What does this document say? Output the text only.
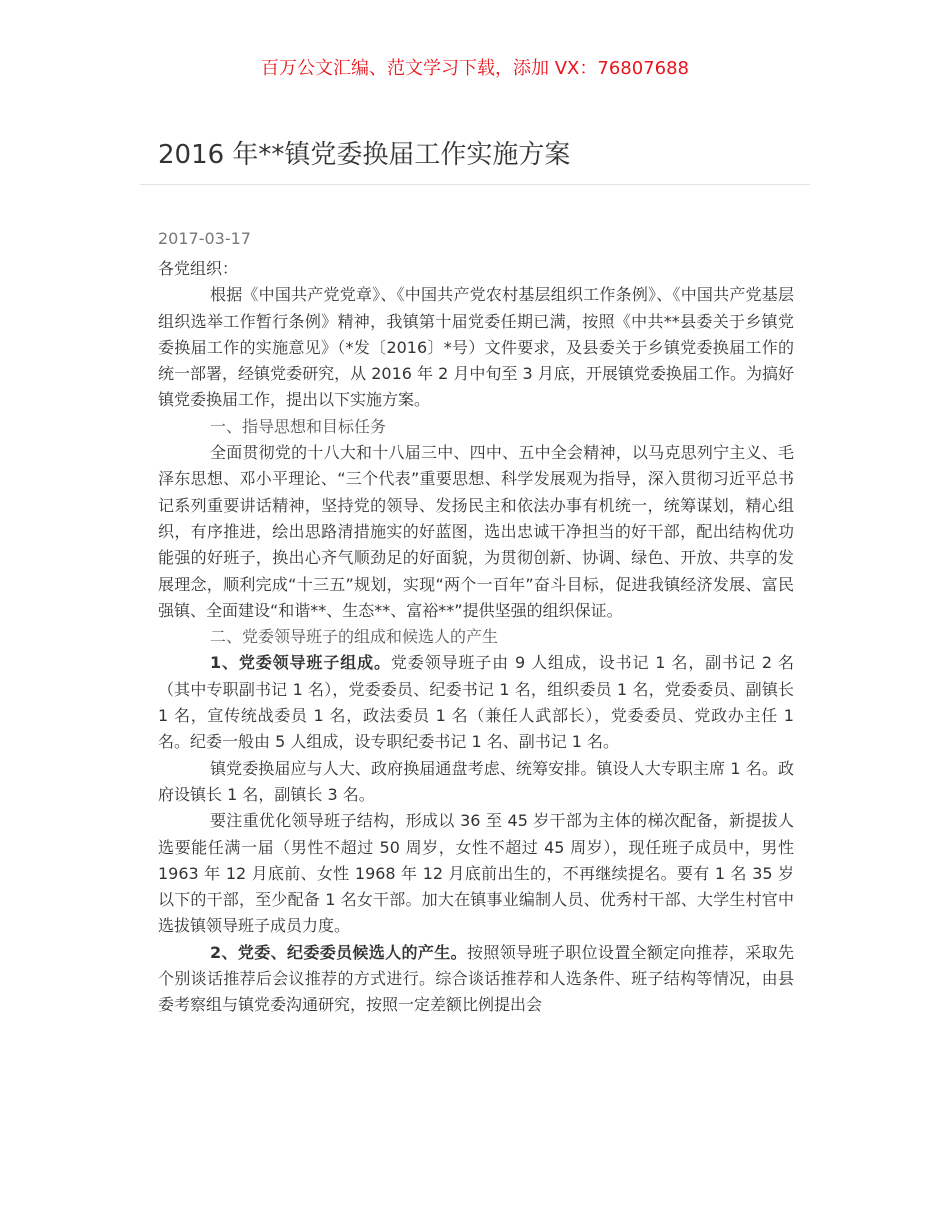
百万公文汇编、范文学习下载，添加 VX：76807688
2016 年**镇党委换届工作实施方案
2017-03-17

各党组织：

根据《中国共产党党章》、《中国共产党农村基层组织工作条例》、《中国共产党基层组织选举工作暂行条例》精神，我镇第十届党委任期已满，按照《中共**县委关于乡镇党委换届工作的实施意见》（*发〔2016〕*号）文件要求，及县委关于乡镇党委换届工作的统一部署，经镇党委研究，从 2016 年 2 月中旬至 3 月底，开展镇党委换届工作。为搞好镇党委换届工作，提出以下实施方案。

一、指导思想和目标任务

全面贯彻党的十八大和十八届三中、四中、五中全会精神，以马克思列宁主义、毛泽东思想、邓小平理论、“三个代表”重要思想、科学发展观为指导，深入贯彻习近平总书记系列重要讲话精神，坚持党的领导、发扬民主和依法办事有机统一，统筹谋划，精心组织，有序推进，绘出思路清措施实的好蓝图，选出忠诚干净担当的好干部，配出结构优功能强的好班子，换出心齐气顺劲足的好面貌，为贯彻创新、协调、绿色、开放、共享的发展理念，顺利完成“十三五”规划，实现“两个一百年”奋斗目标，促进我镇经济发展、富民强镇、全面建设“和谐**、生态**、富裕**”提供坚强的组织保证。

二、党委领导班子的组成和候选人的产生

1、党委领导班子组成。党委领导班子由 9 人组成，设书记 1 名，副书记 2 名（其中专职副书记 1 名），党委委员、纪委书记 1 名，组织委员 1 名，党委委员、副镇长 1 名，宣传统战委员 1 名，政法委员 1 名（兼任人武部长），党委委员、党政办主任 1 名。纪委一般由 5 人组成，设专职纪委书记 1 名、副书记 1 名。

镇党委换届应与人大、政府换届通盘考虑、统筹安排。镇设人大专职主席 1 名。政府设镇长 1 名，副镇长 3 名。

要注重优化领导班子结构，形成以 36 至 45 岁干部为主体的梯次配备，新提拔人选要能任满一届（男性不超过 50 周岁，女性不超过 45 周岁），现任班子成员中，男性 1963 年 12 月底前、女性 1968 年 12 月底前出生的，不再继续提名。要有 1 名 35 岁以下的干部，至少配备 1 名女干部。加大在镇事业编制人员、优秀村干部、大学生村官中选拔镇领导班子成员力度。

2、党委、纪委委员候选人的产生。按照领导班子职位设置全额定向推荐，采取先个别谈话推荐后会议推荐的方式进行。综合谈话推荐和人选条件、班子结构等情况，由县委考察组与镇党委沟通研究，按照一定差额比例提出会
